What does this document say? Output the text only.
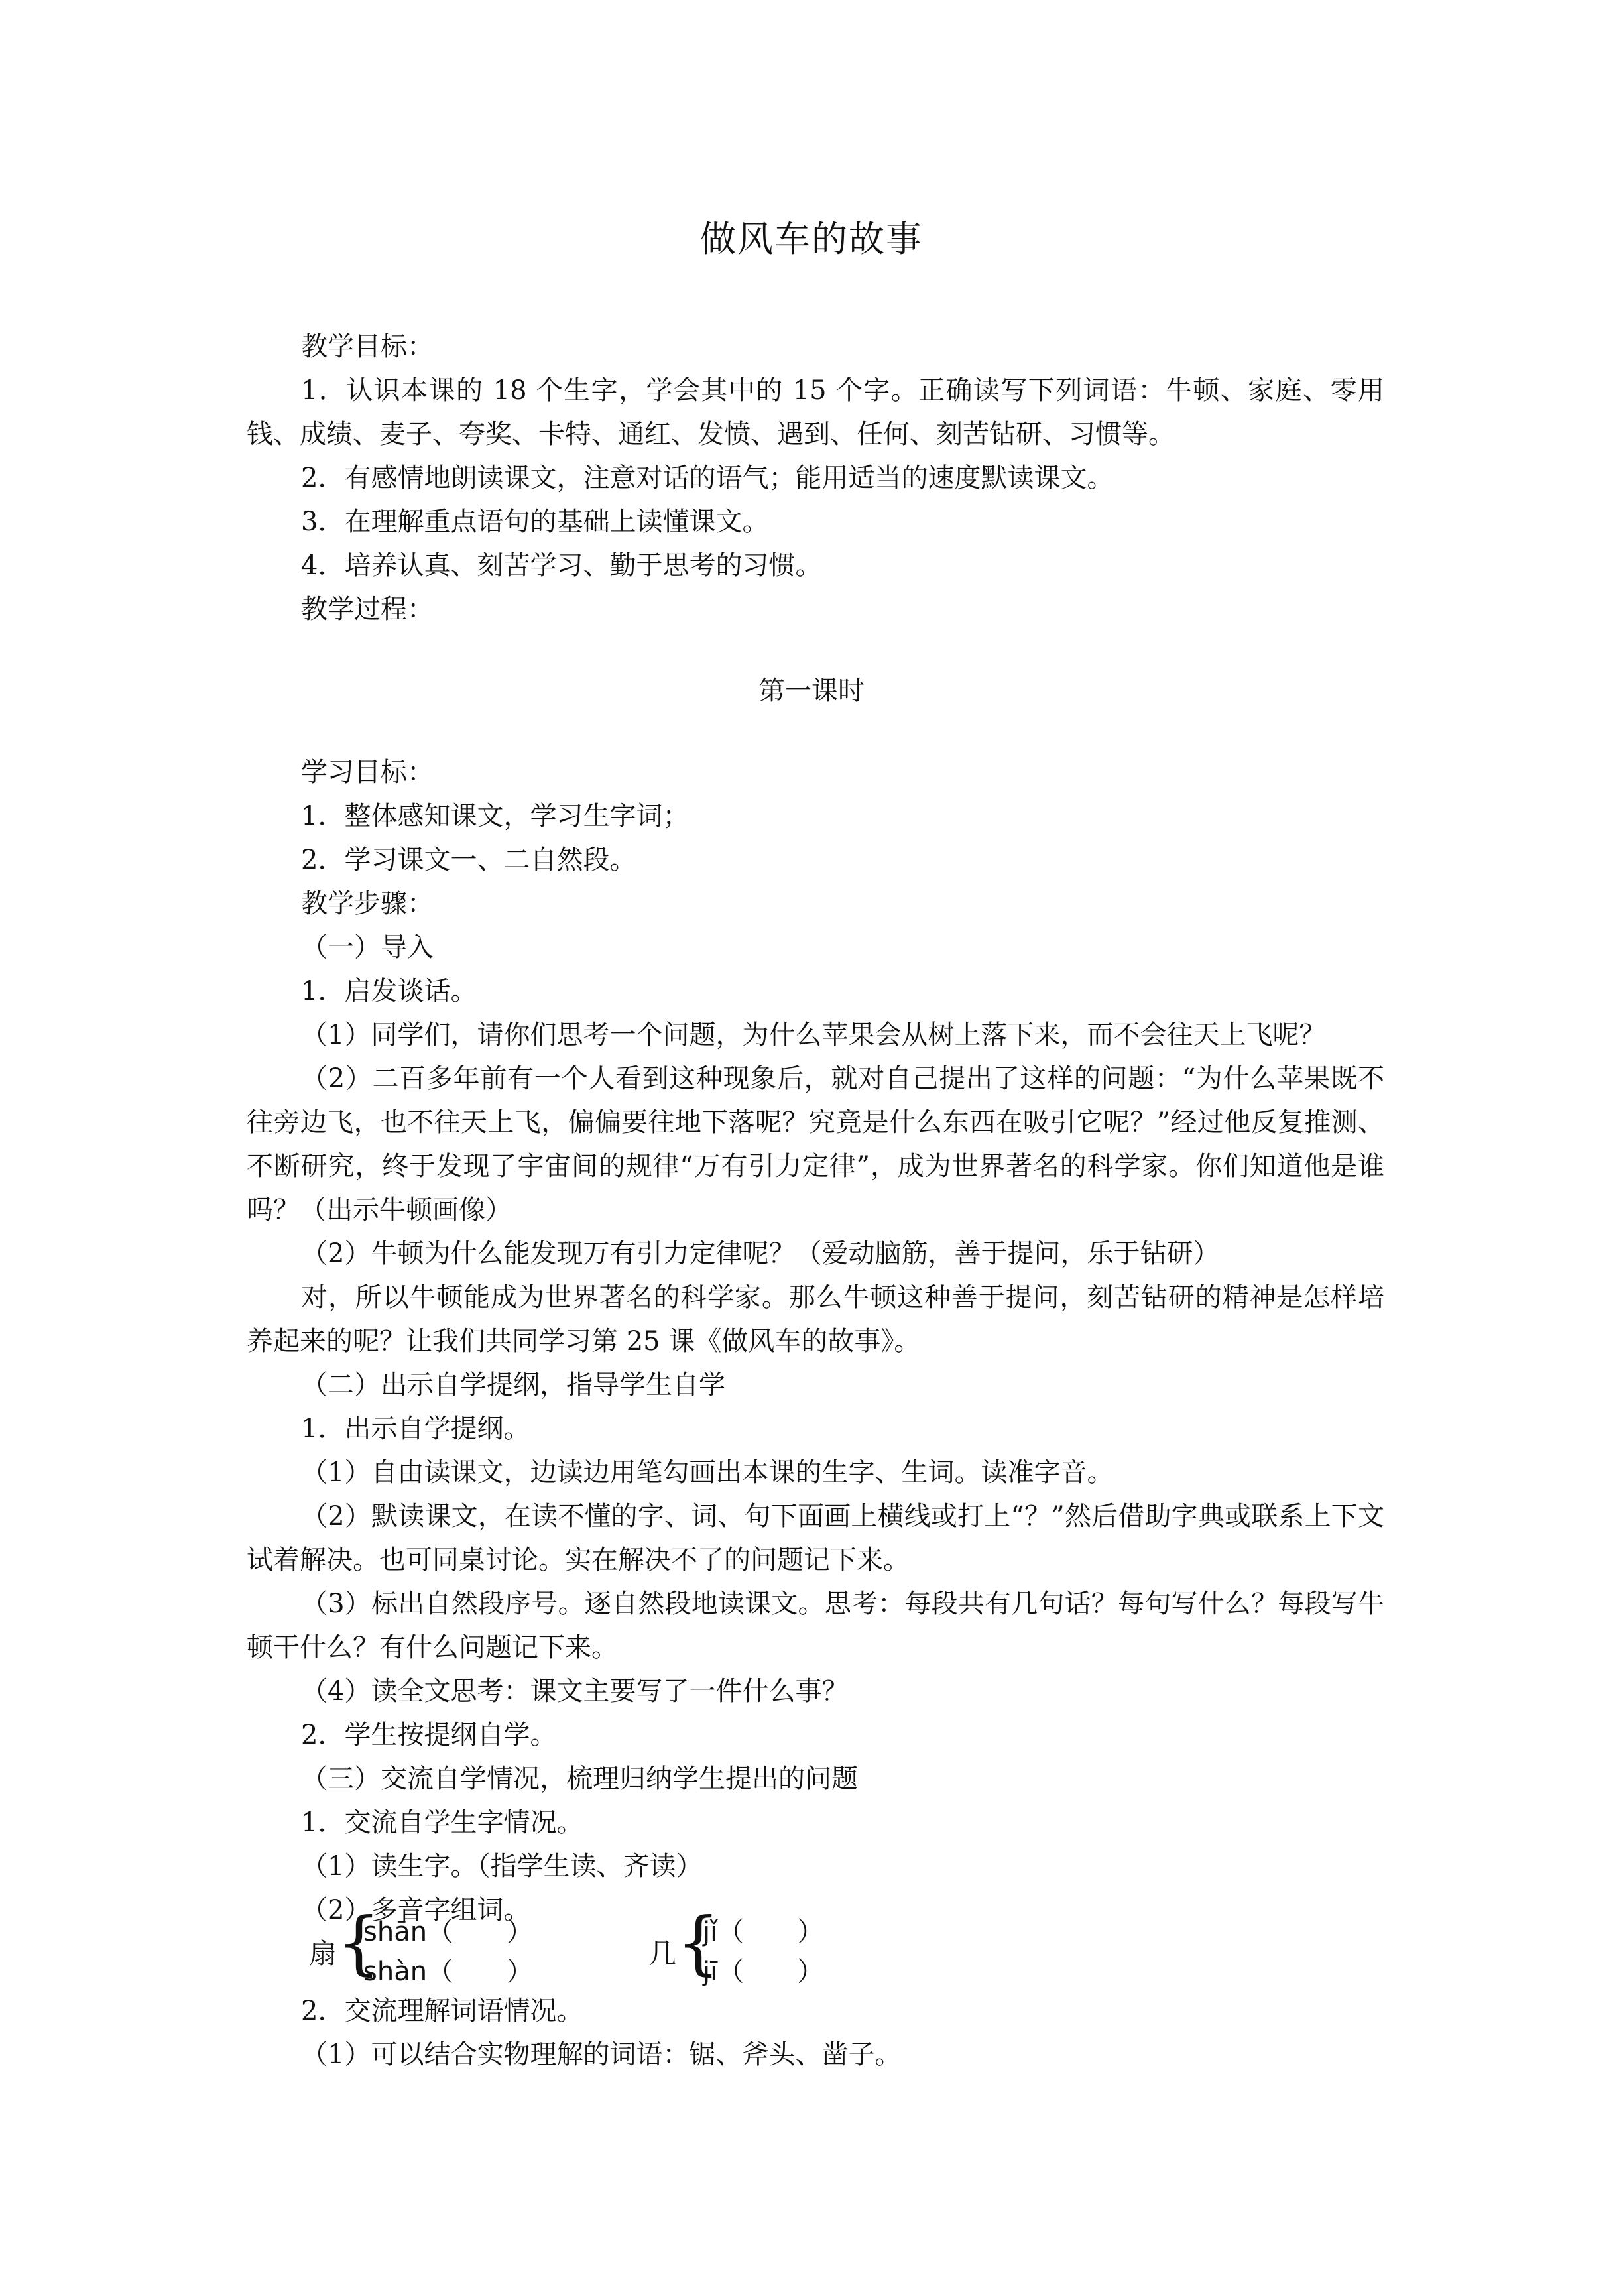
做风车的故事

教学目标：

1．认识本课的 18 个生字，学会其中的 15 个字。正确读写下列词语：牛顿、家庭、零用钱、成绩、麦子、夸奖、卡特、通红、发愤、遇到、任何、刻苦钻研、习惯等。

2．有感情地朗读课文，注意对话的语气；能用适当的速度默读课文。

3．在理解重点语句的基础上读懂课文。

4．培养认真、刻苦学习、勤于思考的习惯。

教学过程：

第一课时

学习目标：

1．整体感知课文，学习生字词；

2．学习课文一、二自然段。

教学步骤：

（一）导入

1．启发谈话。

（1）同学们，请你们思考一个问题，为什么苹果会从树上落下来，而不会往天上飞呢？

（2）二百多年前有一个人看到这种现象后，就对自己提出了这样的问题：“为什么苹果既不往旁边飞，也不往天上飞，偏偏要往地下落呢？究竟是什么东西在吸引它呢？”经过他反复推测、不断研究，终于发现了宇宙间的规律“万有引力定律”，成为世界著名的科学家。你们知道他是谁吗？（出示牛顿画像）

（2）牛顿为什么能发现万有引力定律呢？（爱动脑筋，善于提问，乐于钻研）

对，所以牛顿能成为世界著名的科学家。那么牛顿这种善于提问，刻苦钻研的精神是怎样培养起来的呢？让我们共同学习第 25 课《做风车的故事》。

（二）出示自学提纲，指导学生自学

1．出示自学提纲。

（1）自由读课文，边读边用笔勾画出本课的生字、生词。读准字音。

（2）默读课文，在读不懂的字、词、句下面画上横线或打上“？”然后借助字典或联系上下文试着解决。也可同桌讨论。实在解决不了的问题记下来。

（3）标出自然段序号。逐自然段地读课文。思考：每段共有几句话？每句写什么？每段写牛顿干什么？有什么问题记下来。

（4）读全文思考：课文主要写了一件什么事？

2．学生按提纲自学。

（三）交流自学情况，梳理归纳学生提出的问题

1．交流自学生字情况。

（1）读生字。（指学生读、齐读）

（2）多音字组词。

扇 {
shān（　　）
shàn（　　）
几 {
jǐ（　　）
jī（　　）

2．交流理解词语情况。

（1）可以结合实物理解的词语：锯、斧头、凿子。
